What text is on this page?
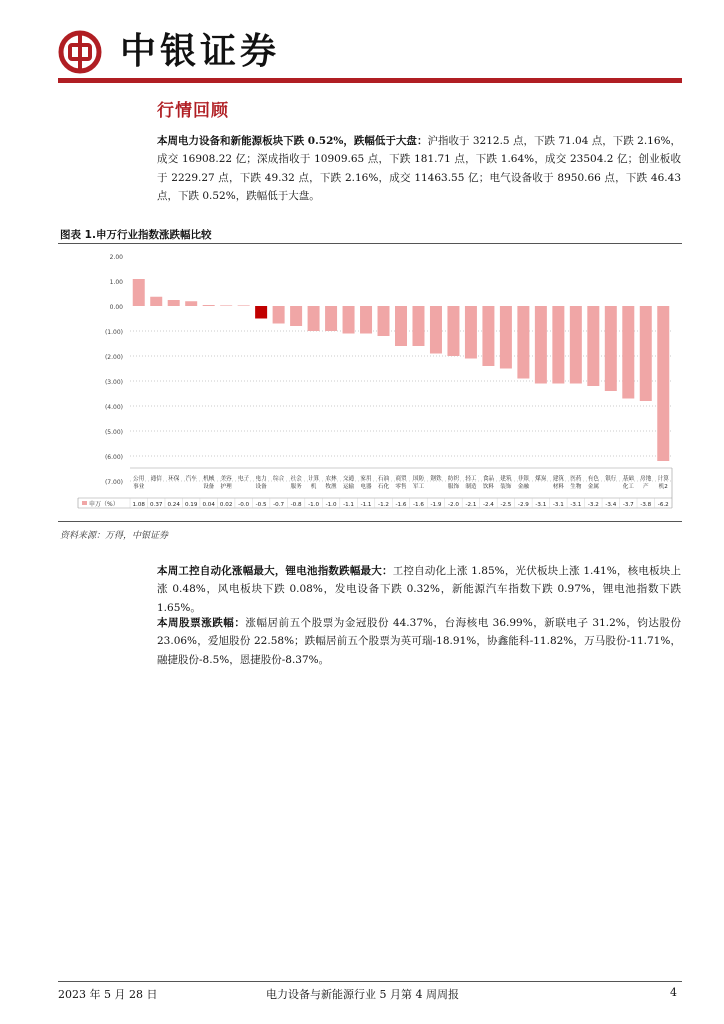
中银证券
行情回顾
本周电力设备和新能源板块下跌 0.52%，跌幅低于大盘：沪指收于 3212.5 点，下跌 71.04 点，下跌 2.16%，成交 16908.22 亿；深成指收于 10909.65 点，下跌 181.71 点，下跌 1.64%，成交 23504.2 亿；创业板收于 2229.27 点，下跌 49.32 点，下跌 2.16%，成交 11463.55 亿；电气设备收于 8950.66 点，下跌 46.43 点，下跌 0.52%，跌幅低于大盘。
图表 1.申万行业指数涨跌幅比较
2.00
1.00
0.00
(1.00)
(2.00)
(3.00)
(4.00)
(5.00)
(6.00)
(7.00)
申万（%）
公用
事业
1.08
通信
0.37
环保
0.24
汽车
0.19
机械
设备
0.04
美容
护理
0.02
电子
-0.0
电力
设备
-0.5
综合
-0.7
社会
服务
-0.8
计算
机
-1.0
农林
牧渔
-1.0
交通
运输
-1.1
家用
电器
-1.1
石油
石化
-1.2
商贸
零售
-1.6
国防
军工
-1.6
钢铁
-1.9
纺织
服饰
-2.0
轻工
制造
-2.1
食品
饮料
-2.4
建筑
装饰
-2.5
非银
金融
-2.9
煤炭
-3.1
建筑
材料
-3.1
医药
生物
-3.1
有色
金属
-3.2
银行
-3.4
基础
化工
-3.7
房地
产
-3.8
计算
机2
-6.2
资料来源：万得，中银证券
本周工控自动化涨幅最大，锂电池指数跌幅最大：工控自动化上涨 1.85%，光伏板块上涨 1.41%，核电板块上涨 0.48%，风电板块下跌 0.08%，发电设备下跌 0.32%，新能源汽车指数下跌 0.97%，锂电池指数下跌 1.65%。
本周股票涨跌幅：涨幅居前五个股票为金冠股份 44.37%，台海核电 36.99%，新联电子 31.2%，钧达股份 23.06%，爱旭股份 22.58%；跌幅居前五个股票为英可瑞-18.91%，协鑫能科-11.82%，万马股份-11.71%，融捷股份-8.5%，恩捷股份-8.37%。
2023 年 5 月 28 日	电力设备与新能源行业 5 月第 4 周周报	4
